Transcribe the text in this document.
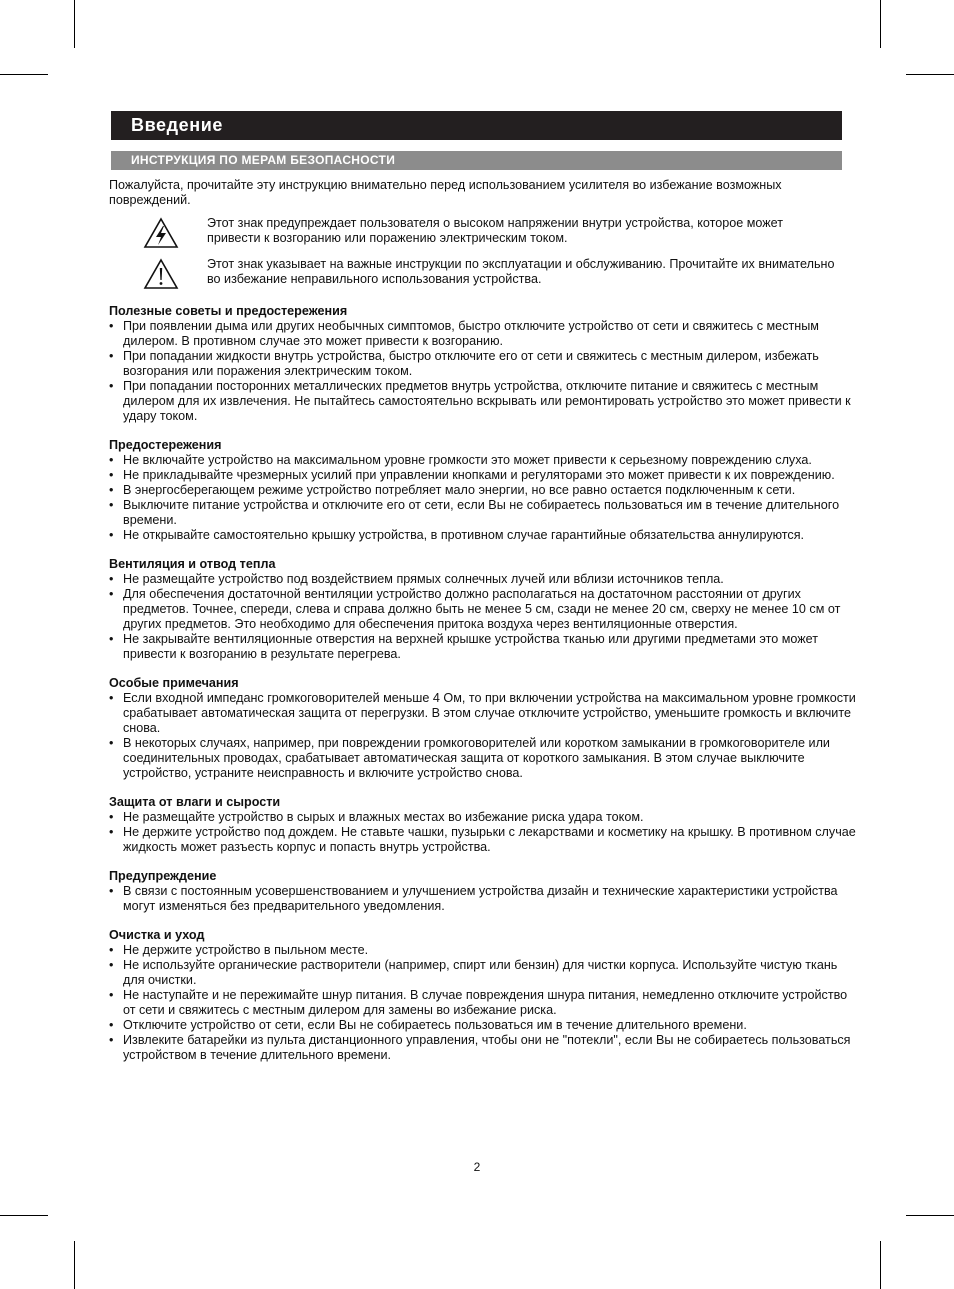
Введение
ИНСТРУКЦИЯ ПО МЕРАМ БЕЗОПАСНОСТИ

Пожалуйста, прочитайте эту инструкцию внимательно перед использованием усилителя во избежание возможных повреждений.

Этот знак предупреждает пользователя о высоком напряжении внутри устройства, которое может привести к возгоранию или поражению электрическим током.
Этот знак указывает на важные инструкции по эксплуатации и обслуживанию. Прочитайте их внимательно во избежание неправильного использования устройства.
Полезные советы и предостережения
• При появлении дыма или других необычных симптомов, быстро отключите устройство от сети и свяжитесь с местным дилером. В противном случае это может привести к возгоранию.
• При попадании жидкости внутрь устройства, быстро отключите его от сети и свяжитесь с местным дилером, избежать возгорания или поражения электрическим током.
• При попадании посторонних металлических предметов внутрь устройства, отключите питание и свяжитесь с местным дилером для их извлечения. Не пытайтесь самостоятельно вскрывать или ремонтировать устройство это может привести к удару током.
Предостережения
• Не включайте устройство на максимальном уровне громкости это может привести к серьезному повреждению слуха.
• Не прикладывайте чрезмерных усилий при управлении кнопками и регуляторами это может привести к их повреждению.
• В энергосберегающем режиме устройство потребляет мало энергии, но все равно остается подключенным к сети.
• Выключите питание устройства и отключите его от сети, если Вы не собираетесь пользоваться им в течение длительного времени.
• Не открывайте самостоятельно крышку устройства, в противном случае гарантийные обязательства аннулируются.
Вентиляция и отвод тепла
• Не размещайте устройство под воздействием прямых солнечных лучей или вблизи источников тепла.
• Для обеспечения достаточной вентиляции устройство должно располагаться на достаточном расстоянии от других предметов. Точнее, спереди, слева и справа должно быть не менее 5 см, сзади не менее 20 см, сверху не менее 10 см от других предметов. Это необходимо для обеспечения притока воздуха через вентиляционные отверстия.
• Не закрывайте вентиляционные отверстия на верхней крышке устройства тканью или другими предметами это может привести к возгоранию в результате перегрева.
Особые примечания
• Если входной импеданс громкоговорителей меньше 4 Ом, то при включении устройства на максимальном уровне громкости срабатывает автоматическая защита от перегрузки. В этом случае отключите устройство, уменьшите громкость и включите снова.
• В некоторых случаях, например, при повреждении громкоговорителей или коротком замыкании в громкоговорителе или соединительных проводах, срабатывает автоматическая защита от короткого замыкания. В этом случае выключите устройство, устраните неисправность и включите устройство снова.
Защита от влаги и сырости
• Не размещайте устройство в сырых и влажных местах во избежание риска удара током.
• Не держите устройство под дождем. Не ставьте чашки, пузырьки с лекарствами и косметику на крышку. В противном случае жидкость может разъесть корпус и попасть внутрь устройства.
Предупреждение
• В связи с постоянным усовершенствованием и улучшением устройства дизайн и технические характеристики устройства могут изменяться без предварительного уведомления.
Очистка и уход
• Не держите устройство в пыльном месте.
• Не используйте органические растворители (например, спирт или бензин) для чистки корпуса. Используйте чистую ткань для очистки.
• Не наступайте и не пережимайте шнур питания. В случае повреждения шнура питания, немедленно отключите устройство от сети и свяжитесь с местным дилером для замены во избежание риска.
• Отключите устройство от сети, если Вы не собираетесь пользоваться им в течение длительного времени.
• Извлеките батарейки из пульта дистанционного управления, чтобы они не "потекли", если Вы не собираетесь пользоваться устройством в течение длительного времени.
2
